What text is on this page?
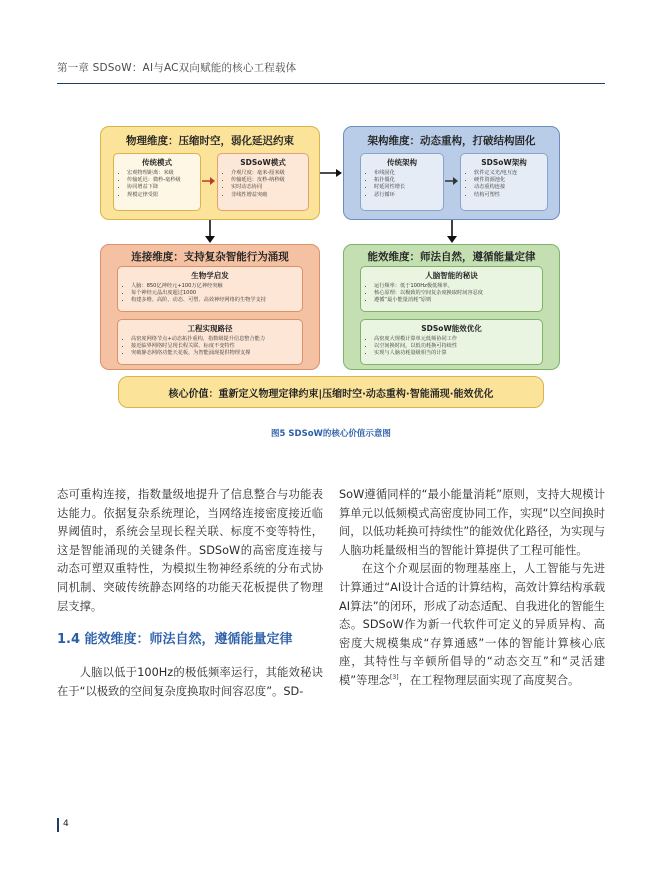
第一章 SDSoW：AI与AC双向赋能的核心工程载体
物理维度：压缩时空，弱化延迟约束
传统模式
• 宏观物理距离：米级
• 传输延迟：微秒-毫秒级
• 协同增益下降
• 规模定律受限
SDSoW模式
• 介观尺度：毫米-厘米级
• 传输延迟：皮秒-纳秒级
• 实时动态协同
• 非线性增益突破
架构维度：动态重构，打破结构固化
传统架构
• 布线固化
• 拓扑僵化
• 时延同性增长
• 恶行循环
SDSoW架构
• 软件定义光/电互连
• 硬件资源池化
• 动态重构连接
• 结构可塑性
连接维度：支持复杂智能行为涌现
生物学启发
• 人脑：850亿神经元+100万亿神经突触
• 每个神经元晶出度超过1000
• 构建多维、高阶、动态、可塑、高效神经网络的生物学支持
工程实现路径
• 高密度网络节点+动态拓扑重构，指数级提升信息整合能力
• 接近临界网络时呈现长程关联、标度不变特性
• 突破静态网络功能天花板，为智能涌现提供物理支撑
能效维度：师法自然，遵循能量定律
人脑智能的秘诀
• 运行频率：低于100Hz极低频率。
• 核心原理：以极致的空间复杂度换取时间容忍度
• 遵循“最小能量消耗”原则
SDSoW能效优化
• 高密度大规模计算单元低频协同工作
• 以空间换时间，以低功耗换可持续性
• 实现与人脑功耗量级相当的计算
核心价值：重新定义物理定律约束|压缩时空·动态重构·智能涌现·能效优化
图5 SDSoW的核心价值示意图

态可重构连接，指数量级地提升了信息整合与功能表达能力。依据复杂系统理论，当网络连接密度接近临界阈值时，系统会呈现长程关联、标度不变等特性，这是智能涌现的关键条件。SDSoW的高密度连接与动态可塑双重特性，为模拟生物神经系统的分布式协同机制、突破传统静态网络的功能天花板提供了物理层支撑。

1.4 能效维度：师法自然，遵循能量定律

人脑以低于100Hz的极低频率运行，其能效秘诀在于“以极致的空间复杂度换取时间容忍度”。SD-

SoW遵循同样的“最小能量消耗”原则，支持大规模计算单元以低频模式高密度协同工作，实现“以空间换时间，以低功耗换可持续性”的能效优化路径，为实现与人脑功耗量级相当的智能计算提供了工程可能性。

在这个介观层面的物理基座上，人工智能与先进计算通过“AI设计合适的计算结构，高效计算结构承载AI算法”的闭环，形成了动态适配、自我进化的智能生态。SDSoW作为新一代软件可定义的异质异构、高密度大规模集成“存算通感”一体的智能计算核心底座，其特性与辛顿所倡导的“动态交互”和“灵活建模”等理念[3]，在工程物理层面实现了高度契合。

4
